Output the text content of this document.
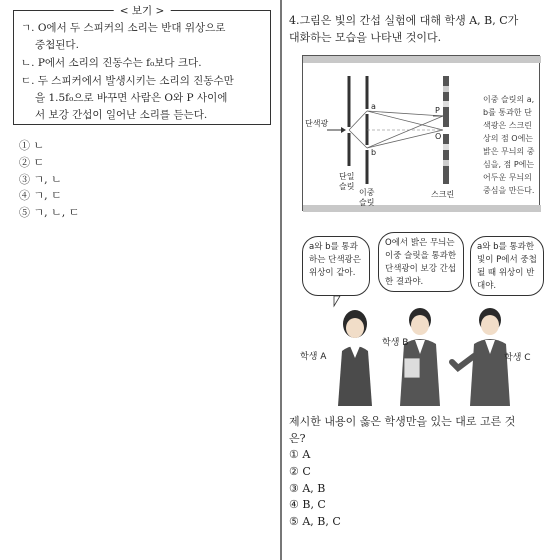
< 보기 >
ㄱ. O에서 두 스피커의 소리는 반대 위상으로
중첩된다.
ㄴ. P에서 소리의 진동수는 f₀보다 크다.
ㄷ. 두 스피커에서 발생시키는 소리의 진동수만
을 1.5f₀으로 바꾸면 사람은 O와 P 사이에
서 보강 간섭이 일어난 소리를 듣는다.
① ㄴ
② ㄷ
③ ㄱ, ㄴ
④ ㄱ, ㄷ
⑤ ㄱ, ㄴ, ㄷ
4.그림은 빛의 간섭 실험에 대해 학생 A, B, C가
대화하는 모습을 나타낸 것이다.
단색광
단일
슬릿
이중
슬릿
스크린
a
b
P
O
이중 슬릿의 a, b를 통과한 단색광은 스크린상의 점 O에는 밝은 무늬의 중심을, 점 P에는 어두운 무늬의 중심을 만든다.
a와 b를 통과하는 단색광은 위상이 같아.
O에서 밝은 무늬는 이중 슬릿을 통과한 단색광이 보강 간섭한 결과야.
a와 b를 통과한 빛이 P에서 중첩될 때 위상이 반대야.
학생 A
학생 B
학생 C
제시한 내용이 옳은 학생만을 있는 대로 고른 것
은?
① A
② C
③ A, B
④ B, C
⑤ A, B, C
